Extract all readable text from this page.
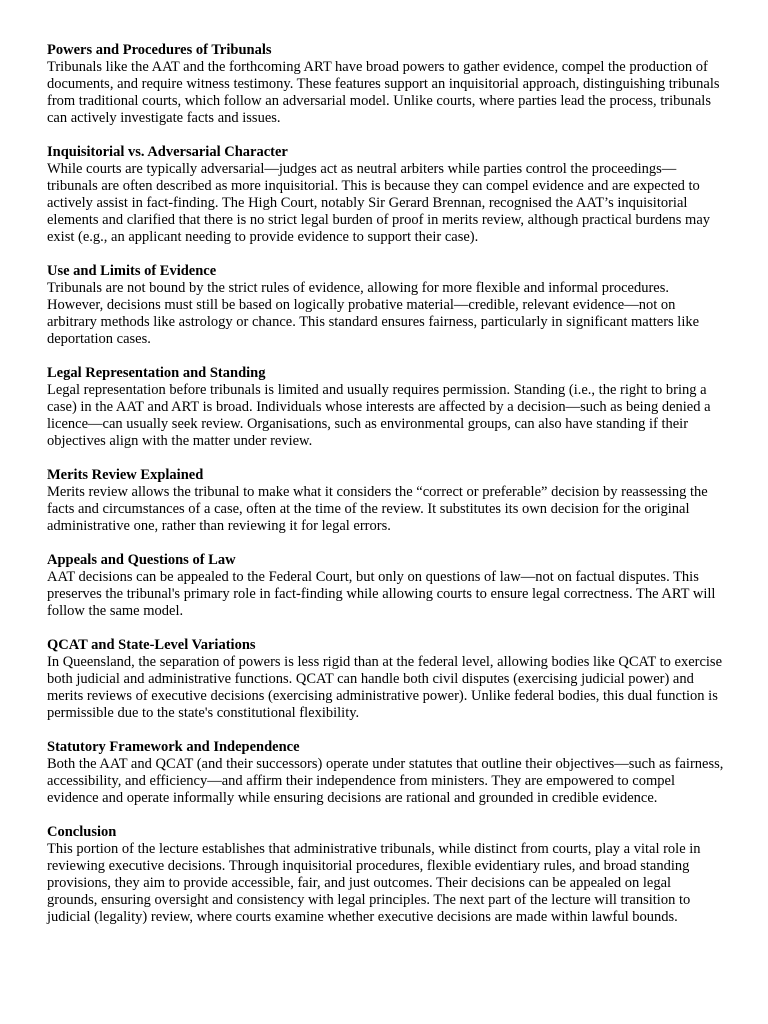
Powers and Procedures of Tribunals

Tribunals like the AAT and the forthcoming ART have broad powers to gather evidence, compel the production of documents, and require witness testimony. These features support an inquisitorial approach, distinguishing tribunals from traditional courts, which follow an adversarial model. Unlike courts, where parties lead the process, tribunals can actively investigate facts and issues.

Inquisitorial vs. Adversarial Character

While courts are typically adversarial—judges act as neutral arbiters while parties control the proceedings—tribunals are often described as more inquisitorial. This is because they can compel evidence and are expected to actively assist in fact-finding. The High Court, notably Sir Gerard Brennan, recognised the AAT’s inquisitorial elements and clarified that there is no strict legal burden of proof in merits review, although practical burdens may exist (e.g., an applicant needing to provide evidence to support their case).

Use and Limits of Evidence

Tribunals are not bound by the strict rules of evidence, allowing for more flexible and informal procedures. However, decisions must still be based on logically probative material—credible, relevant evidence—not on arbitrary methods like astrology or chance. This standard ensures fairness, particularly in significant matters like deportation cases.

Legal Representation and Standing

Legal representation before tribunals is limited and usually requires permission. Standing (i.e., the right to bring a case) in the AAT and ART is broad. Individuals whose interests are affected by a decision—such as being denied a licence—can usually seek review. Organisations, such as environmental groups, can also have standing if their objectives align with the matter under review.

Merits Review Explained

Merits review allows the tribunal to make what it considers the “correct or preferable” decision by reassessing the facts and circumstances of a case, often at the time of the review. It substitutes its own decision for the original administrative one, rather than reviewing it for legal errors.

Appeals and Questions of Law

AAT decisions can be appealed to the Federal Court, but only on questions of law—not on factual disputes. This preserves the tribunal's primary role in fact-finding while allowing courts to ensure legal correctness. The ART will follow the same model.

QCAT and State-Level Variations

In Queensland, the separation of powers is less rigid than at the federal level, allowing bodies like QCAT to exercise both judicial and administrative functions. QCAT can handle both civil disputes (exercising judicial power) and merits reviews of executive decisions (exercising administrative power). Unlike federal bodies, this dual function is permissible due to the state's constitutional flexibility.

Statutory Framework and Independence

Both the AAT and QCAT (and their successors) operate under statutes that outline their objectives—such as fairness, accessibility, and efficiency—and affirm their independence from ministers. They are empowered to compel evidence and operate informally while ensuring decisions are rational and grounded in credible evidence.

Conclusion

This portion of the lecture establishes that administrative tribunals, while distinct from courts, play a vital role in reviewing executive decisions. Through inquisitorial procedures, flexible evidentiary rules, and broad standing provisions, they aim to provide accessible, fair, and just outcomes. Their decisions can be appealed on legal grounds, ensuring oversight and consistency with legal principles. The next part of the lecture will transition to judicial (legality) review, where courts examine whether executive decisions are made within lawful bounds.
